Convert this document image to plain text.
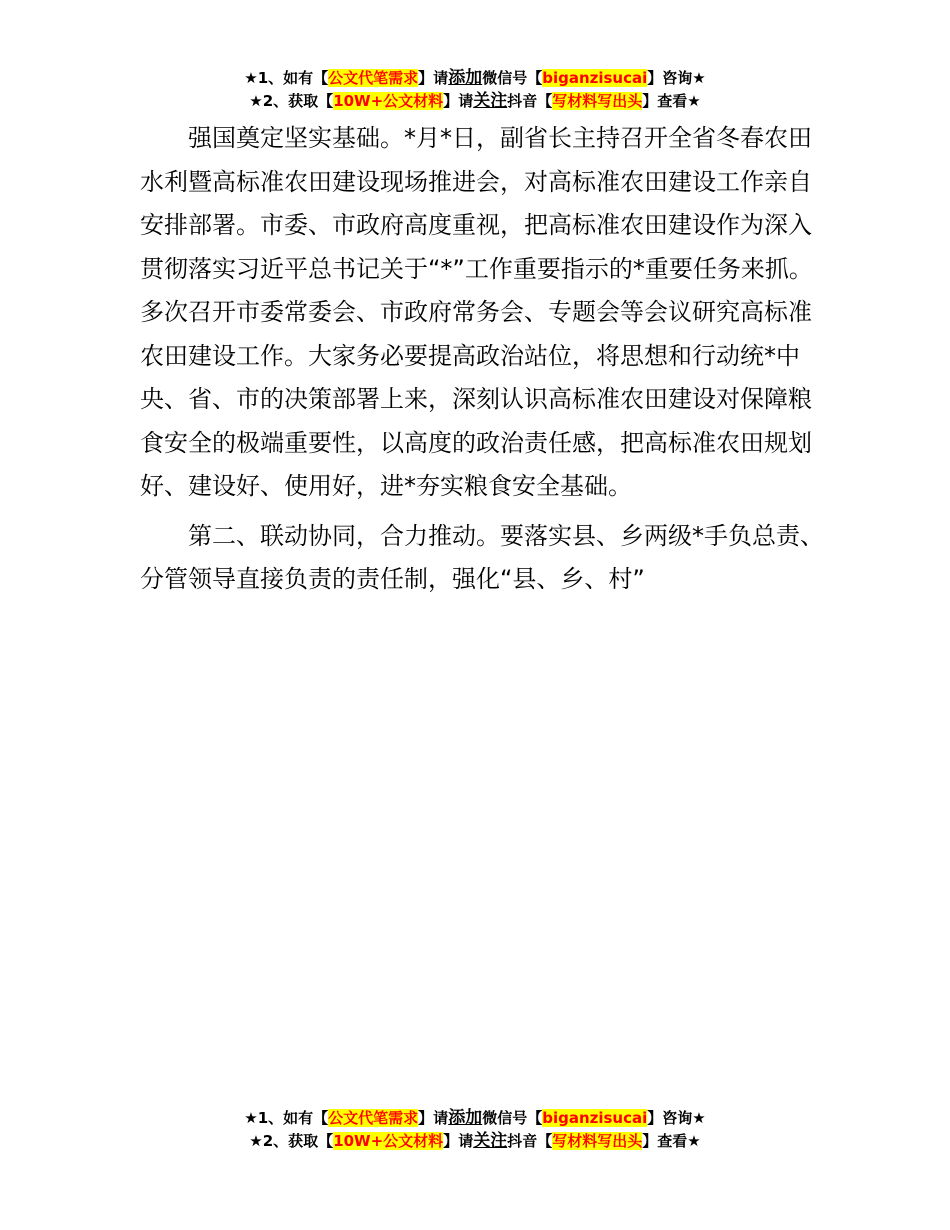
★1、如有【公文代笔需求】请添加微信号【biganzisucai】咨询★
★2、获取【10W+公文材料】请关注抖音【写材料写出头】查看★

强国奠定坚实基础。*月*日，副省长主持召开全省冬春农田水利暨高标准农田建设现场推进会，对高标准农田建设工作亲自安排部署。市委、市政府高度重视，把高标准农田建设作为深入贯彻落实习近平总书记关于“*”工作重要指示的*重要任务来抓。多次召开市委常委会、市政府常务会、专题会等会议研究高标准农田建设工作。大家务必要提高政治站位，将思想和行动统*中央、省、市的决策部署上来，深刻认识高标准农田建设对保障粮食安全的极端重要性，以高度的政治责任感，把高标准农田规划好、建设好、使用好，进*夯实粮食安全基础。

第二、联动协同，合力推动。要落实县、乡两级*手负总责、分管领导直接负责的责任制，强化“县、乡、村”

★1、如有【公文代笔需求】请添加微信号【biganzisucai】咨询★
★2、获取【10W+公文材料】请关注抖音【写材料写出头】查看★
